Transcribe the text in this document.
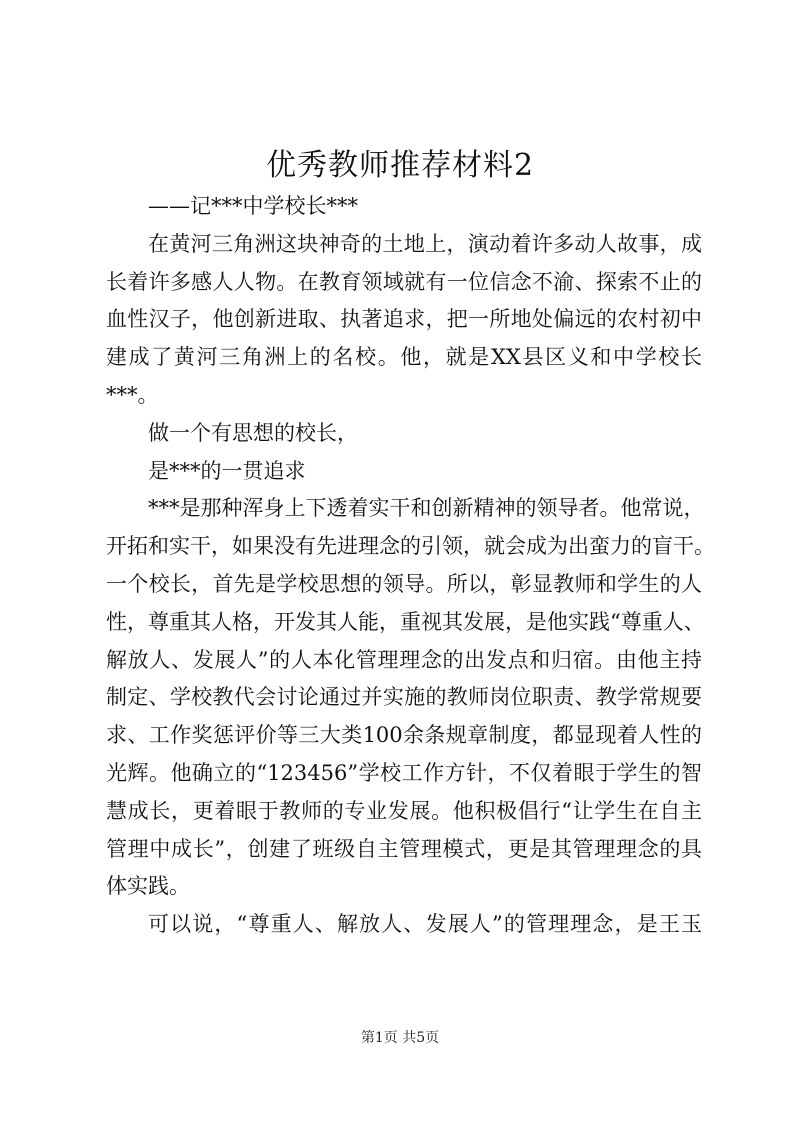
优秀教师推荐材料2
——记***中学校长***
在黄河三角洲这块神奇的土地上，演动着许多动人故事，成
长着许多感人人物。在教育领域就有一位信念不渝、探索不止的
血性汉子，他创新进取、执著追求，把一所地处偏远的农村初中
建成了黄河三角洲上的名校。他，就是XX县区义和中学校长
***。
做一个有思想的校长，
是***的一贯追求
***是那种浑身上下透着实干和创新精神的领导者。他常说，
开拓和实干，如果没有先进理念的引领，就会成为出蛮力的盲干。
一个校长，首先是学校思想的领导。所以，彰显教师和学生的人
性，尊重其人格，开发其人能，重视其发展，是他实践“尊重人、
解放人、发展人”的人本化管理理念的出发点和归宿。由他主持
制定、学校教代会讨论通过并实施的教师岗位职责、教学常规要
求、工作奖惩评价等三大类100余条规章制度，都显现着人性的
光辉。他确立的“123456”学校工作方针，不仅着眼于学生的智
慧成长，更着眼于教师的专业发展。他积极倡行“让学生在自主
管理中成长”，创建了班级自主管理模式，更是其管理理念的具
体实践。
可以说，“尊重人、解放人、发展人”的管理理念，是王玉
第1页 共5页
